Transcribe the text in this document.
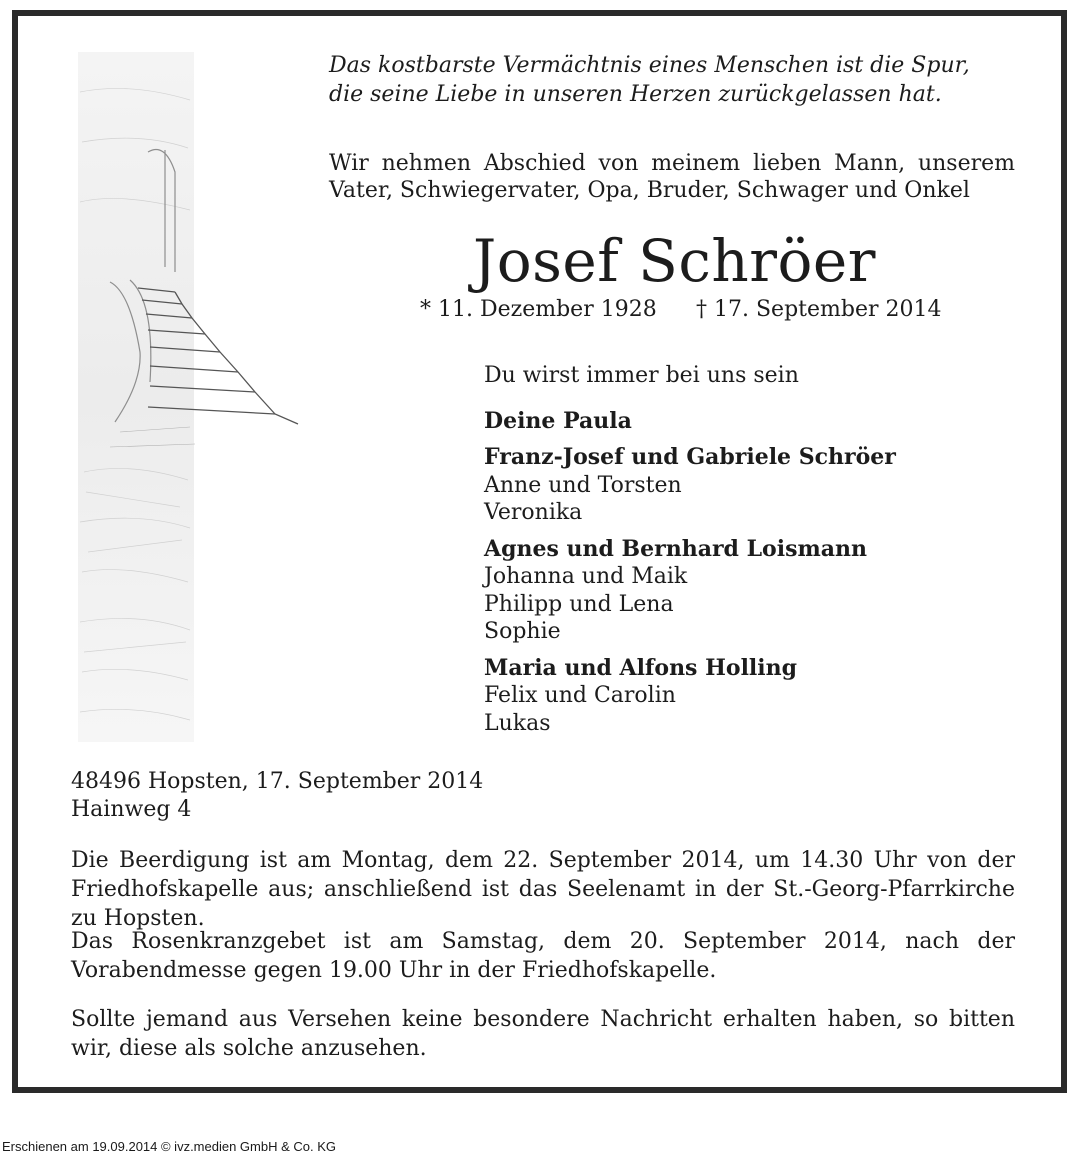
Das kostbarste Vermächtnis eines Menschen ist die Spur,
die seine Liebe in unseren Herzen zurückgelassen hat.
Wir nehmen Abschied von meinem lieben Mann, unserem Vater, Schwiegervater, Opa, Bruder, Schwager und Onkel
Josef Schröer
* 11. Dezember 1928 † 17. September 2014
Du wirst immer bei uns sein
Deine Paula
Franz-Josef und Gabriele Schröer
Anne und Torsten
Veronika
Agnes und Bernhard Loismann
Johanna und Maik
Philipp und Lena
Sophie
Maria und Alfons Holling
Felix und Carolin
Lukas
48496 Hopsten, 17. September 2014
Hainweg 4
Die Beerdigung ist am Montag, dem 22. September 2014, um 14.30 Uhr von der Friedhofskapelle aus; anschließend ist das Seelenamt in der St.-Georg-Pfarrkirche zu Hopsten.
Das Rosenkranzgebet ist am Samstag, dem 20. September 2014, nach der Vorabendmesse gegen 19.00 Uhr in der Friedhofskapelle.
Sollte jemand aus Versehen keine besondere Nachricht erhalten haben, so bitten wir, diese als solche anzusehen.
Erschienen am 19.09.2014 © ivz.medien GmbH & Co. KG
